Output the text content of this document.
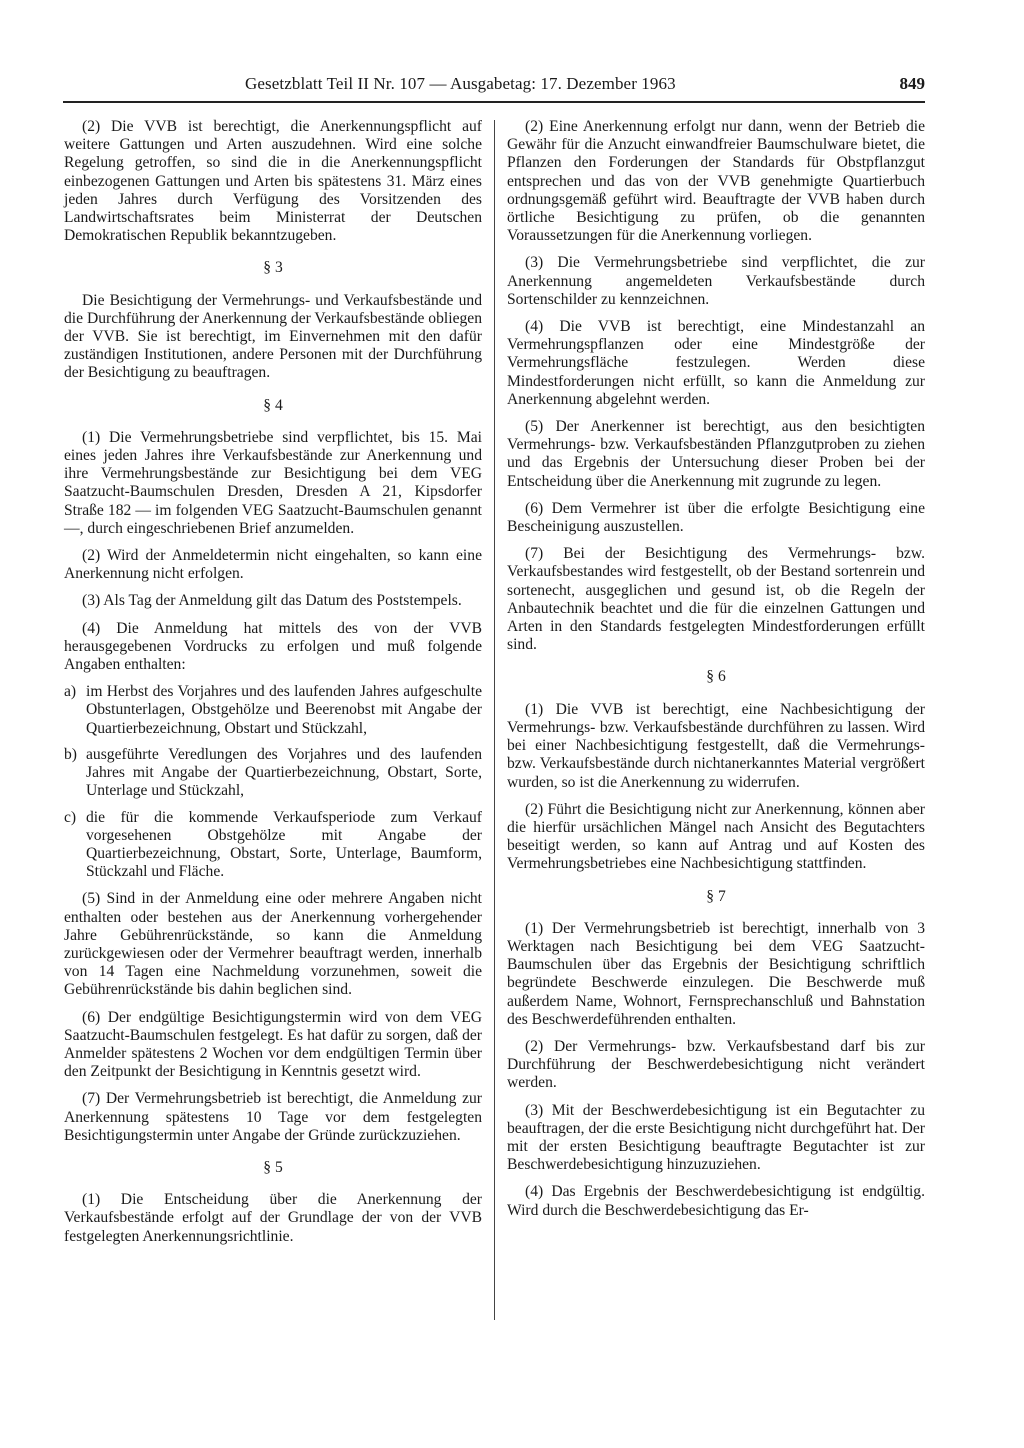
Gesetzblatt Teil II Nr. 107 — Ausgabetag: 17. Dezember 1963	849

(2) Die VVB ist berechtigt, die Anerkennungspflicht auf weitere Gattungen und Arten auszudehnen. Wird eine solche Regelung getroffen, so sind die in die Anerkennungspflicht einbezogenen Gattungen und Arten bis spätestens 31. März eines jeden Jahres durch Verfügung des Vorsitzenden des Landwirtschaftsrates beim Ministerrat der Deutschen Demokratischen Republik bekanntzugeben.

§ 3

Die Besichtigung der Vermehrungs- und Verkaufsbestände und die Durchführung der Anerkennung der Verkaufsbestände obliegen der VVB. Sie ist berechtigt, im Einvernehmen mit den dafür zuständigen Institutionen, andere Personen mit der Durchführung der Besichtigung zu beauftragen.

§ 4

(1) Die Vermehrungsbetriebe sind verpflichtet, bis 15. Mai eines jeden Jahres ihre Verkaufsbestände zur Anerkennung und ihre Vermehrungsbestände zur Besichtigung bei dem VEG Saatzucht-Baumschulen Dresden, Dresden A 21, Kipsdorfer Straße 182 — im folgenden VEG Saatzucht-Baumschulen genannt —, durch eingeschriebenen Brief anzumelden.

(2) Wird der Anmeldetermin nicht eingehalten, so kann eine Anerkennung nicht erfolgen.

(3) Als Tag der Anmeldung gilt das Datum des Poststempels.

(4) Die Anmeldung hat mittels des von der VVB herausgegebenen Vordrucks zu erfolgen und muß folgende Angaben enthalten:

a) im Herbst des Vorjahres und des laufenden Jahres aufgeschulte Obstunterlagen, Obstgehölze und Beerenobst mit Angabe der Quartierbezeichnung, Obstart und Stückzahl,
b) ausgeführte Veredlungen des Vorjahres und des laufenden Jahres mit Angabe der Quartierbezeichnung, Obstart, Sorte, Unterlage und Stückzahl,
c) die für die kommende Verkaufsperiode zum Verkauf vorgesehenen Obstgehölze mit Angabe der Quartierbezeichnung, Obstart, Sorte, Unterlage, Baumform, Stückzahl und Fläche.

(5) Sind in der Anmeldung eine oder mehrere Angaben nicht enthalten oder bestehen aus der Anerkennung vorhergehender Jahre Gebührenrückstände, so kann die Anmeldung zurückgewiesen oder der Vermehrer beauftragt werden, innerhalb von 14 Tagen eine Nachmeldung vorzunehmen, soweit die Gebührenrückstände bis dahin beglichen sind.

(6) Der endgültige Besichtigungstermin wird von dem VEG Saatzucht-Baumschulen festgelegt. Es hat dafür zu sorgen, daß der Anmelder spätestens 2 Wochen vor dem endgültigen Termin über den Zeitpunkt der Besichtigung in Kenntnis gesetzt wird.

(7) Der Vermehrungsbetrieb ist berechtigt, die Anmeldung zur Anerkennung spätestens 10 Tage vor dem festgelegten Besichtigungstermin unter Angabe der Gründe zurückzuziehen.

§ 5

(1) Die Entscheidung über die Anerkennung der Verkaufsbestände erfolgt auf der Grundlage der von der VVB festgelegten Anerkennungsrichtlinie.

(2) Eine Anerkennung erfolgt nur dann, wenn der Betrieb die Gewähr für die Anzucht einwandfreier Baumschulware bietet, die Pflanzen den Forderungen der Standards für Obstpflanzgut entsprechen und das von der VVB genehmigte Quartierbuch ordnungsgemäß geführt wird. Beauftragte der VVB haben durch örtliche Besichtigung zu prüfen, ob die genannten Voraussetzungen für die Anerkennung vorliegen.

(3) Die Vermehrungsbetriebe sind verpflichtet, die zur Anerkennung angemeldeten Verkaufsbestände durch Sortenschilder zu kennzeichnen.

(4) Die VVB ist berechtigt, eine Mindestanzahl an Vermehrungspflanzen oder eine Mindestgröße der Vermehrungsfläche festzulegen. Werden diese Mindestforderungen nicht erfüllt, so kann die Anmeldung zur Anerkennung abgelehnt werden.

(5) Der Anerkenner ist berechtigt, aus den besichtigten Vermehrungs- bzw. Verkaufsbeständen Pflanzgutproben zu ziehen und das Ergebnis der Untersuchung dieser Proben bei der Entscheidung über die Anerkennung mit zugrunde zu legen.

(6) Dem Vermehrer ist über die erfolgte Besichtigung eine Bescheinigung auszustellen.

(7) Bei der Besichtigung des Vermehrungs- bzw. Verkaufsbestandes wird festgestellt, ob der Bestand sortenrein und sortenecht, ausgeglichen und gesund ist, ob die Regeln der Anbautechnik beachtet und die für die einzelnen Gattungen und Arten in den Standards festgelegten Mindestforderungen erfüllt sind.

§ 6

(1) Die VVB ist berechtigt, eine Nachbesichtigung der Vermehrungs- bzw. Verkaufsbestände durchführen zu lassen. Wird bei einer Nachbesichtigung festgestellt, daß die Vermehrungs- bzw. Verkaufsbestände durch nichtanerkanntes Material vergrößert wurden, so ist die Anerkennung zu widerrufen.

(2) Führt die Besichtigung nicht zur Anerkennung, können aber die hierfür ursächlichen Mängel nach Ansicht des Begutachters beseitigt werden, so kann auf Antrag und auf Kosten des Vermehrungsbetriebes eine Nachbesichtigung stattfinden.

§ 7

(1) Der Vermehrungsbetrieb ist berechtigt, innerhalb von 3 Werktagen nach Besichtigung bei dem VEG Saatzucht-Baumschulen über das Ergebnis der Besichtigung schriftlich begründete Beschwerde einzulegen. Die Beschwerde muß außerdem Name, Wohnort, Fernsprechanschluß und Bahnstation des Beschwerdeführenden enthalten.

(2) Der Vermehrungs- bzw. Verkaufsbestand darf bis zur Durchführung der Beschwerdebesichtigung nicht verändert werden.

(3) Mit der Beschwerdebesichtigung ist ein Begutachter zu beauftragen, der die erste Besichtigung nicht durchgeführt hat. Der mit der ersten Besichtigung beauftragte Begutachter ist zur Beschwerdebesichtigung hinzuzuziehen.

(4) Das Ergebnis der Beschwerdebesichtigung ist endgültig. Wird durch die Beschwerdebesichtigung das Er-
